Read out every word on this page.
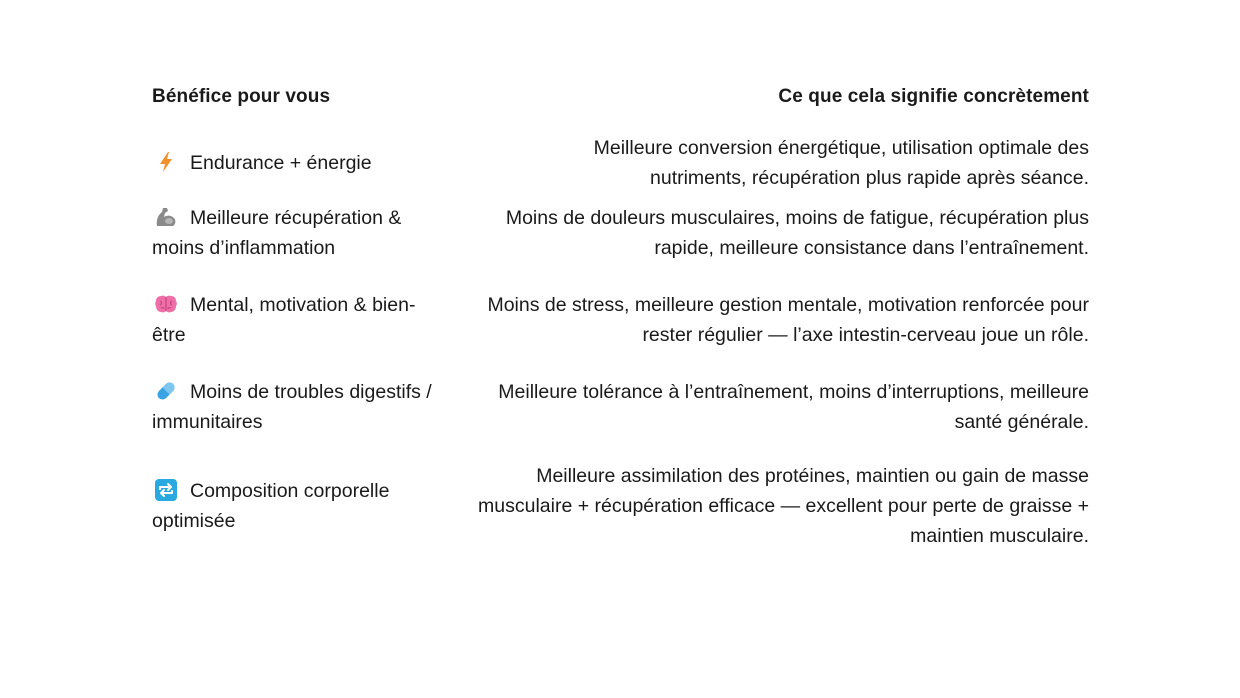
Bénéfice pour vous	Ce que cela signifie concrètement
Endurance + énergie
Meilleure conversion énergétique, utilisation optimale des nutriments, récupération plus rapide après séance.
Meilleure récupération & moins d’inflammation
Moins de douleurs musculaires, moins de fatigue, récupération plus rapide, meilleure consistance dans l’entraînement.
Mental, motivation & bien-être
Moins de stress, meilleure gestion mentale, motivation renforcée pour rester régulier — l’axe intestin-cerveau joue un rôle.
Moins de troubles digestifs / immunitaires
Meilleure tolérance à l’entraînement, moins d’interruptions, meilleure santé générale.
Composition corporelle optimisée
Meilleure assimilation des protéines, maintien ou gain de masse musculaire + récupération efficace — excellent pour perte de graisse + maintien musculaire.
